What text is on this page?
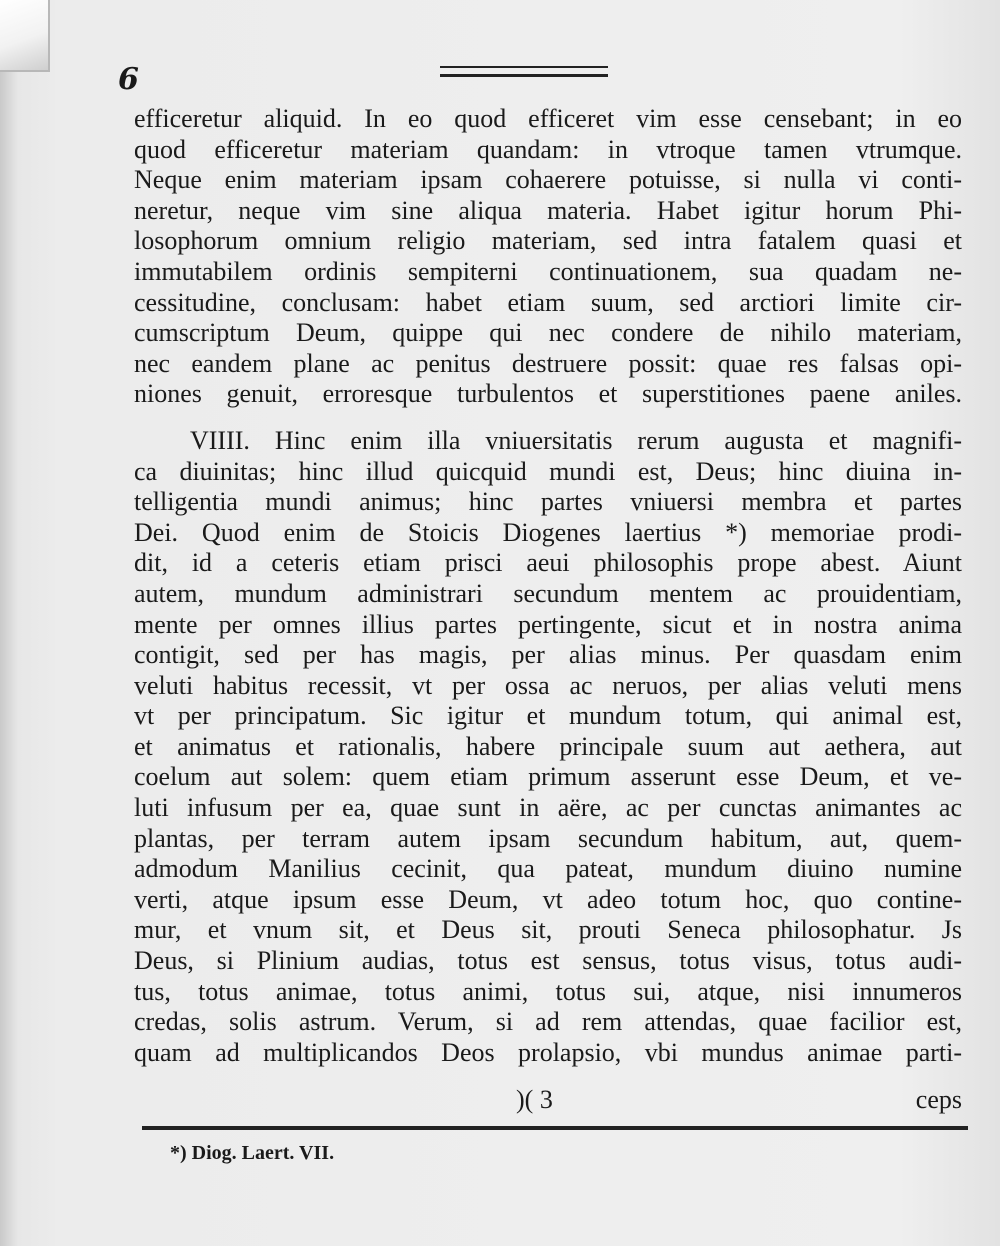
6
efficeretur aliquid. In eo quod efficeret vim esse censebant; in eo
quod efficeretur materiam quandam: in vtroque tamen vtrumque.
Neque enim materiam ipsam cohaerere potuisse, si nulla vi conti-
neretur, neque vim sine aliqua materia. Habet igitur horum Phi-
losophorum omnium religio materiam, sed intra fatalem quasi et
immutabilem ordinis sempiterni continuationem, sua quadam ne-
cessitudine, conclusam: habet etiam suum, sed arctiori limite cir-
cumscriptum Deum, quippe qui nec condere de nihilo materiam,
nec eandem plane ac penitus destruere possit: quae res falsas opi-
niones genuit, erroresque turbulentos et superstitiones paene aniles.
VIIII. Hinc enim illa vniuersitatis rerum augusta et magnifi-
ca diuinitas; hinc illud quicquid mundi est, Deus; hinc diuina in-
telligentia mundi animus; hinc partes vniuersi membra et partes
Dei. Quod enim de Stoicis Diogenes laertius *) memoriae prodi-
dit, id a ceteris etiam prisci aeui philosophis prope abest. Aiunt
autem, mundum administrari secundum mentem ac prouidentiam,
mente per omnes illius partes pertingente, sicut et in nostra anima
contigit, sed per has magis, per alias minus. Per quasdam enim
veluti habitus recessit, vt per ossa ac neruos, per alias veluti mens
vt per principatum. Sic igitur et mundum totum, qui animal est,
et animatus et rationalis, habere principale suum aut aethera, aut
coelum aut solem: quem etiam primum asserunt esse Deum, et ve-
luti infusum per ea, quae sunt in aëre, ac per cunctas animantes ac
plantas, per terram autem ipsam secundum habitum, aut, quem-
admodum Manilius cecinit, qua pateat, mundum diuino numine
verti, atque ipsum esse Deum, vt adeo totum hoc, quo contine-
mur, et vnum sit, et Deus sit, prouti Seneca philosophatur. Js
Deus, si Plinium audias, totus est sensus, totus visus, totus audi-
tus, totus animae, totus animi, totus sui, atque, nisi innumeros
credas, solis astrum. Verum, si ad rem attendas, quae facilior est,
quam ad multiplicandos Deos prolapsio, vbi mundus animae parti-
)( 3	ceps
*) Diog. Laert. VII.
